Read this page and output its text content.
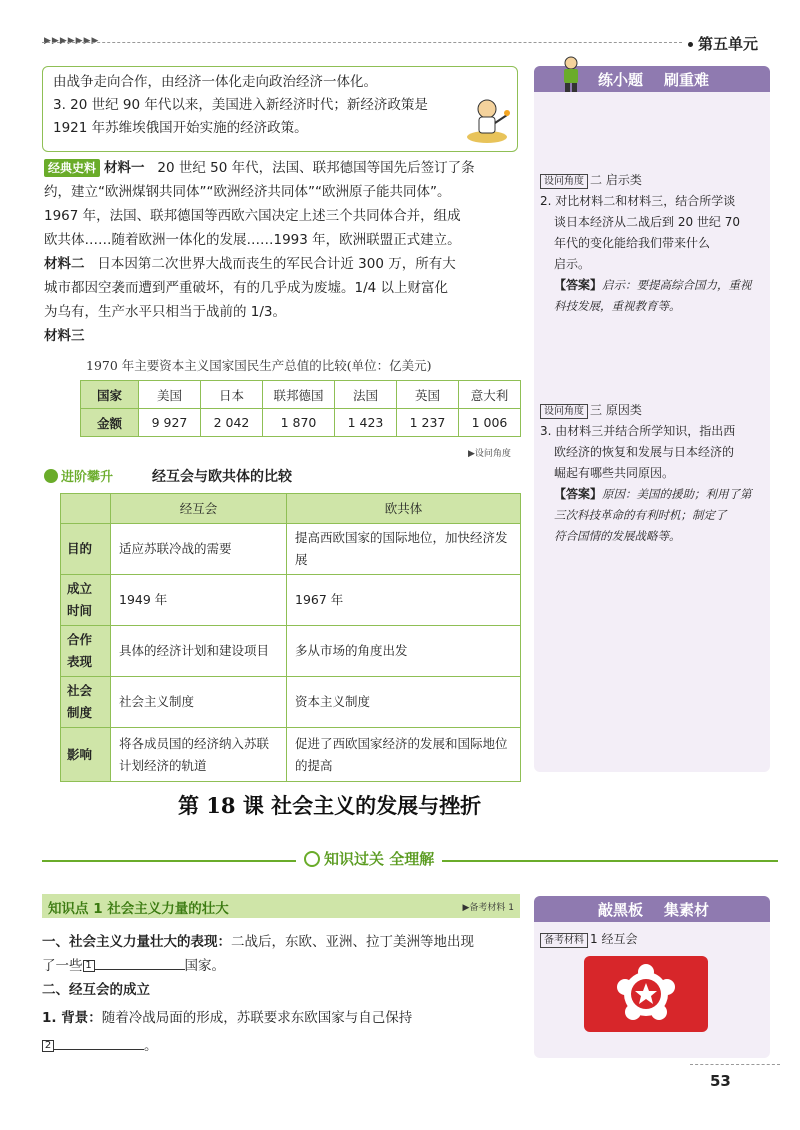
▶▶▶▶▶▶▶	第五单元

由战争走向合作，由经济一体化走向政治经济一体化。

3. 20 世纪 90 年代以来，美国进入新经济时代；新经济政策是

1921 年苏维埃俄国开始实施的经济政策。

经典史料 材料一 20 世纪 50 年代，法国、联邦德国等国先后签订了条

约，建立“欧洲煤钢共同体”“欧洲经济共同体”“欧洲原子能共同体”。

1967 年，法国、联邦德国等西欧六国决定上述三个共同体合并，组成

欧共体……随着欧洲一体化的发展……1993 年，欧洲联盟正式建立。

材料二 日本因第二次世界大战而丧生的军民合计近 300 万，所有大

城市都因空袭而遭到严重破坏，有的几乎成为废墟。1/4 以上财富化

为乌有，生产水平只相当于战前的 1/3。

材料三

1970 年主要资本主义国家国民生产总值的比较(单位：亿美元)
国家	美国	日本	联邦德国	法国	英国	意大利
金额	9 927	2 042	1 870	1 423	1 237	1 006
▶设问角度
进阶攀升	经互会与欧共体的比较
	经互会	欧共体
目的	适应苏联冷战的需要	提高西欧国家的国际地位，加快经济发展
成立时间	1949 年	1967 年
合作表现	具体的经济计划和建设项目	多从市场的角度出发
社会制度	社会主义制度	资本主义制度
影响	将各成员国的经济纳入苏联计划经济的轨道	促进了西欧国家经济的发展和国际地位的提高
练小题 刷重难

设问角度 二 启示类

2. 对比材料二和材料三，结合所学谈

谈日本经济从二战后到 20 世纪 70

年代的变化能给我们带来什么

启示。

【答案】启示：要提高综合国力，重视

科技发展，重视教育等。

设问角度 三 原因类

3. 由材料三并结合所学知识，指出西

欧经济的恢复和发展与日本经济的

崛起有哪些共同原因。

【答案】原因：美国的援助；利用了第

三次科技革命的有利时机；制定了

符合国情的发展战略等。

第 18 课 社会主义的发展与挫折
知识过关 全理解
知识点 1 社会主义力量的壮大	▶备考材料 1

一、社会主义力量壮大的表现：二战后，东欧、亚洲、拉丁美洲等地出现

了一些 1	国家。

二、经互会的成立

1. 背景：随着冷战局面的形成，苏联要求东欧国家与自己保持

2	。

敲黑板 集素材
备考材料 1 经互会
53
